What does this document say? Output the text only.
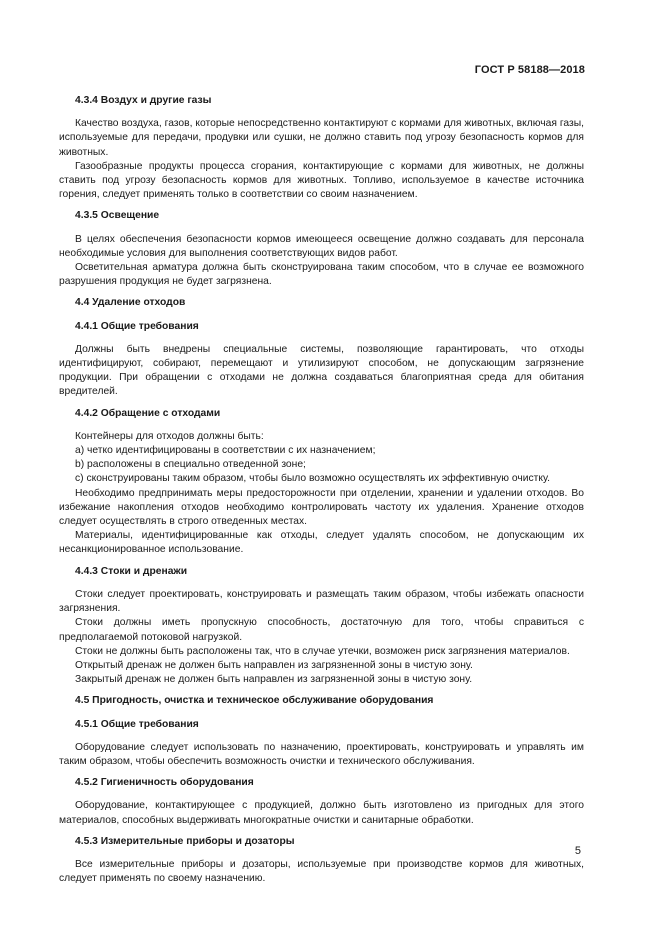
ГОСТ Р 58188—2018

4.3.4 Воздух и другие газы

Качество воздуха, газов, которые непосредственно контактируют с кормами для животных, включая газы, используемые для передачи, продувки или сушки, не должно ставить под угрозу безопасность кормов для животных.

Газообразные продукты процесса сгорания, контактирующие с кормами для животных, не должны ставить под угрозу безопасность кормов для животных. Топливо, используемое в качестве источника горения, следует применять только в соответствии со своим назначением.

4.3.5 Освещение

В целях обеспечения безопасности кормов имеющееся освещение должно создавать для персонала необходимые условия для выполнения соответствующих видов работ.

Осветительная арматура должна быть сконструирована таким способом, что в случае ее возможного разрушения продукция не будет загрязнена.

4.4 Удаление отходов

4.4.1 Общие требования

Должны быть внедрены специальные системы, позволяющие гарантировать, что отходы идентифицируют, собирают, перемещают и утилизируют способом, не допускающим загрязнение продукции. При обращении с отходами не должна создаваться благоприятная среда для обитания вредителей.

4.4.2 Обращение с отходами

Контейнеры для отходов должны быть:

а) четко идентифицированы в соответствии с их назначением;

b) расположены в специально отведенной зоне;

c) сконструированы таким образом, чтобы было возможно осуществлять их эффективную очистку.

Необходимо предпринимать меры предосторожности при отделении, хранении и удалении отходов. Во избежание накопления отходов необходимо контролировать частоту их удаления. Хранение отходов следует осуществлять в строго отведенных местах.

Материалы, идентифицированные как отходы, следует удалять способом, не допускающим их несанкционированное использование.

4.4.3 Стоки и дренажи

Стоки следует проектировать, конструировать и размещать таким образом, чтобы избежать опасности загрязнения.

Стоки должны иметь пропускную способность, достаточную для того, чтобы справиться с предполагаемой потоковой нагрузкой.

Стоки не должны быть расположены так, что в случае утечки, возможен риск загрязнения материалов.

Открытый дренаж не должен быть направлен из загрязненной зоны в чистую зону.

Закрытый дренаж не должен быть направлен из загрязненной зоны в чистую зону.

4.5 Пригодность, очистка и техническое обслуживание оборудования

4.5.1 Общие требования

Оборудование следует использовать по назначению, проектировать, конструировать и управлять им таким образом, чтобы обеспечить возможность очистки и технического обслуживания.

4.5.2 Гигиеничность оборудования

Оборудование, контактирующее с продукцией, должно быть изготовлено из пригодных для этого материалов, способных выдерживать многократные очистки и санитарные обработки.

4.5.3 Измерительные приборы и дозаторы

Все измерительные приборы и дозаторы, используемые при производстве кормов для животных, следует применять по своему назначению.

5
